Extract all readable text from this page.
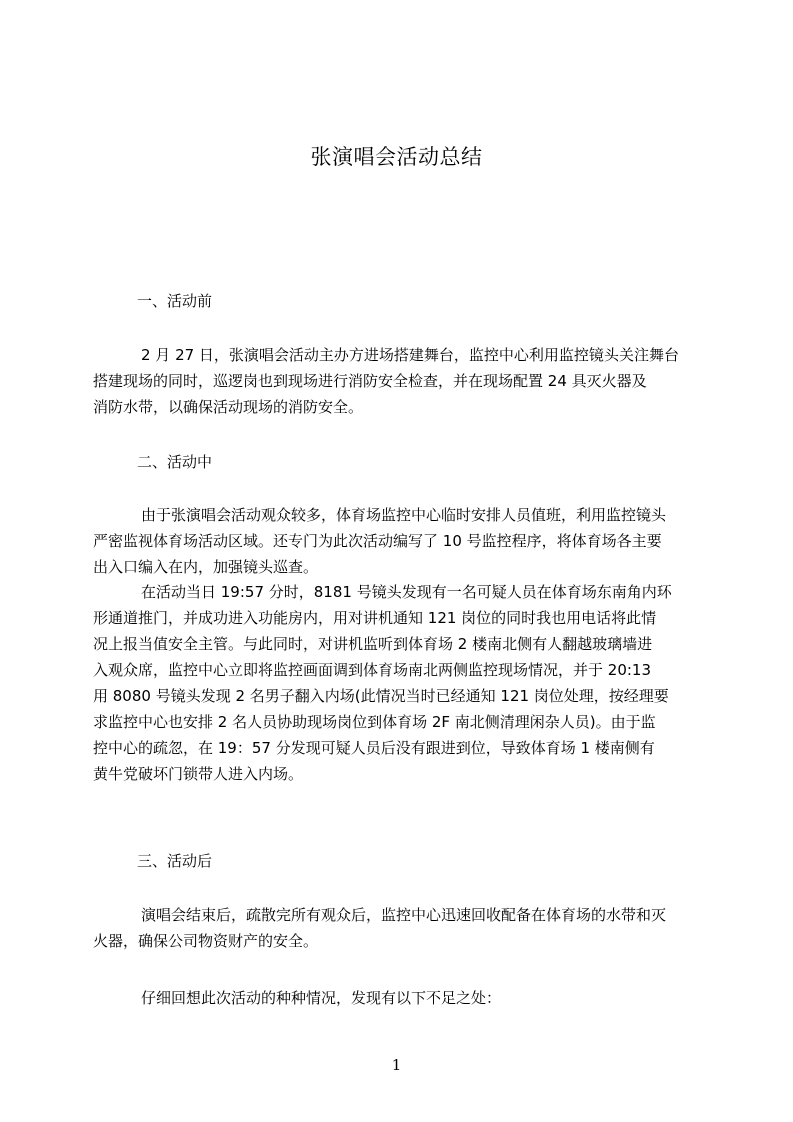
张演唱会活动总结
一、活动前
2 月 27 日，张演唱会活动主办方进场搭建舞台，监控中心利用监控镜头关注舞台
搭建现场的同时，巡逻岗也到现场进行消防安全检查，并在现场配置 24 具灭火器及
消防水带，以确保活动现场的消防安全。
二、活动中
由于张演唱会活动观众较多，体育场监控中心临时安排人员值班，利用监控镜头
严密监视体育场活动区域。还专门为此次活动编写了 10 号监控程序，将体育场各主要
出入口编入在内，加强镜头巡查。
在活动当日 19:57 分时，8181 号镜头发现有一名可疑人员在体育场东南角内环
形通道推门，并成功进入功能房内，用对讲机通知 121 岗位的同时我也用电话将此情
况上报当值安全主管。与此同时，对讲机监听到体育场 2 楼南北侧有人翻越玻璃墙进
入观众席，监控中心立即将监控画面调到体育场南北两侧监控现场情况，并于 20:13
用 8080 号镜头发现 2 名男子翻入内场(此情况当时已经通知 121 岗位处理，按经理要
求监控中心也安排 2 名人员协助现场岗位到体育场 2F 南北侧清理闲杂人员)。由于监
控中心的疏忽，在 19：57 分发现可疑人员后没有跟进到位，导致体育场 1 楼南侧有
黄牛党破坏门锁带人进入内场。
三、活动后
演唱会结束后，疏散完所有观众后，监控中心迅速回收配备在体育场的水带和灭
火器，确保公司物资财产的安全。
仔细回想此次活动的种种情况，发现有以下不足之处：
1
